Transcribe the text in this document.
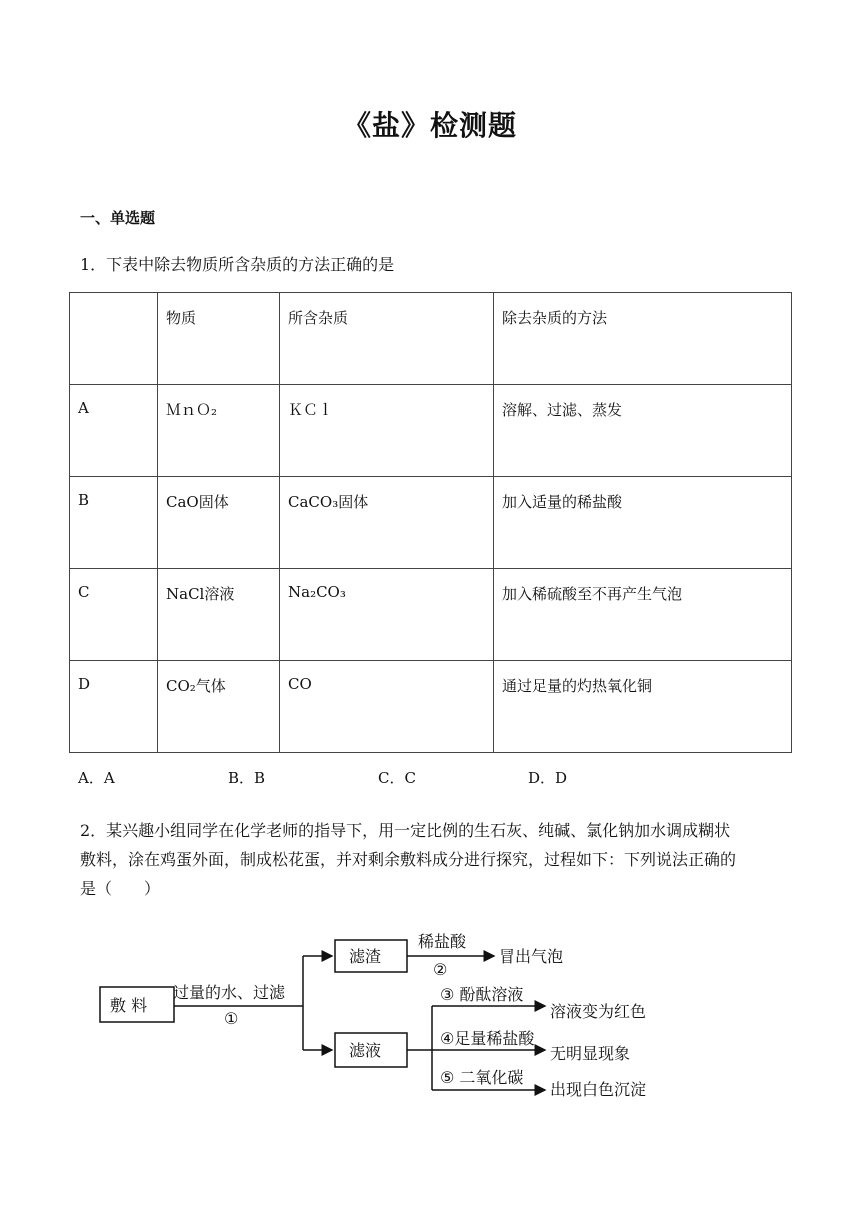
《盐》检测题
一、单选题
1．下表中除去物质所含杂质的方法正确的是
	物质	所含杂质	除去杂质的方法
A	ＭｎＯ₂	ＫＣｌ	溶解、过滤、蒸发
B	CaO固体	CaCO₃固体	加入适量的稀盐酸
C	NaCl溶液	Na₂CO₃	加入稀硫酸至不再产生气泡
D	CO₂气体	CO	通过足量的灼热氧化铜
A．A	B．B	C．C	D．D
2．某兴趣小组同学在化学老师的指导下，用一定比例的生石灰、纯碱、氯化钠加水调成糊状
敷料，涂在鸡蛋外面，制成松花蛋，并对剩余敷料成分进行探究，过程如下：下列说法正确的
是（　　）
敷 料
过量的水、过滤
①
滤渣
滤液
稀盐酸
②
冒出气泡
③ 酚酞溶液
溶液变为红色
④足量稀盐酸
无明显现象
⑤ 二氧化碳
出现白色沉淀
